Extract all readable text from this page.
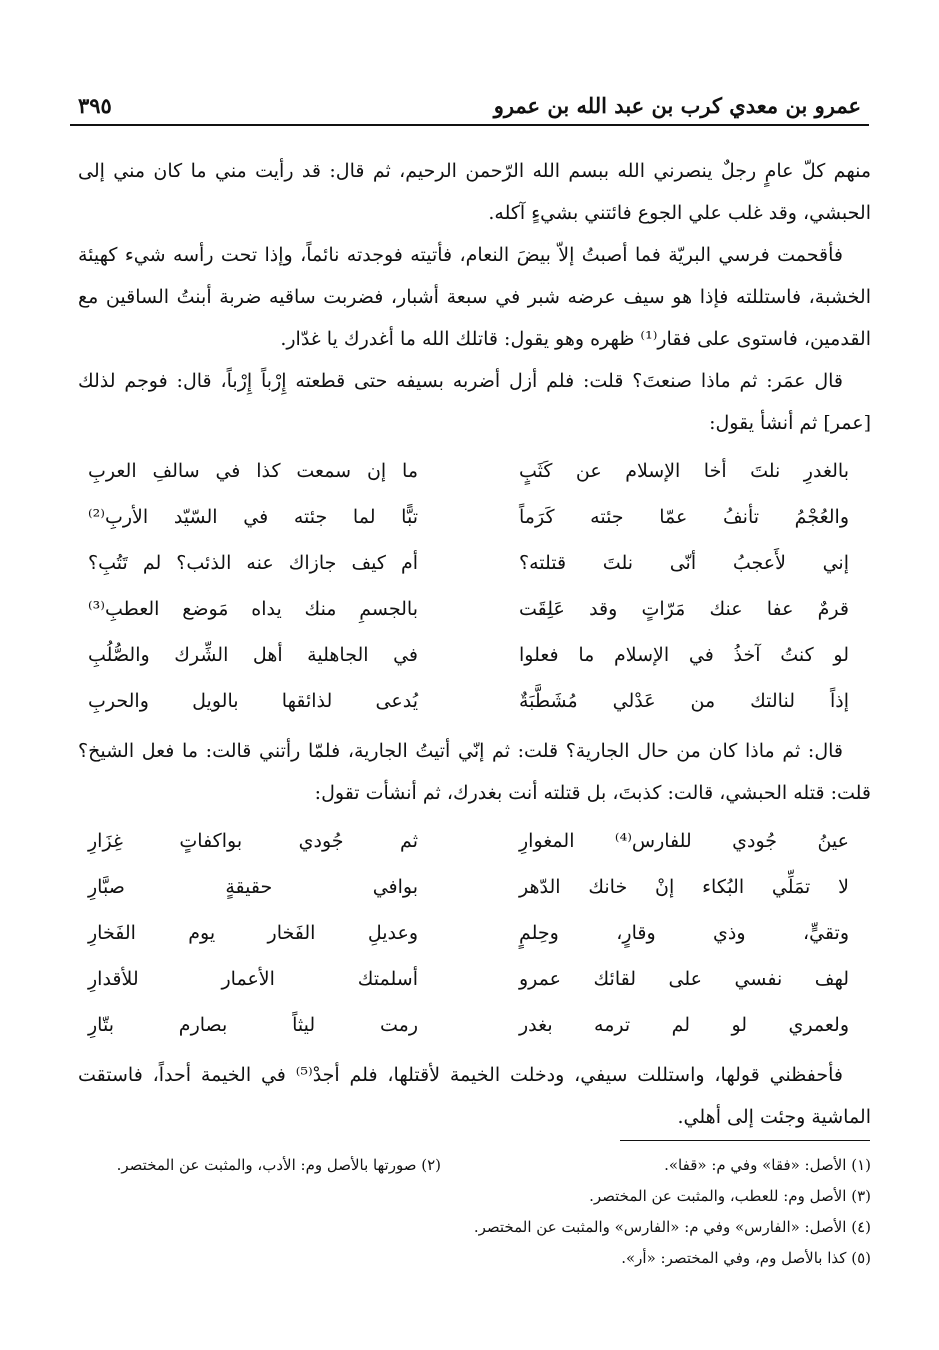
عمرو بن معدي كرب بن عبد الله بن عمرو
٣٩٥

منهم كلّ عامٍ رجلٌ ينصرني الله ببسم الله الرّحمن الرحيم، ثم قال: قد رأيت مني ما كان مني إلى الحبشي، وقد غلب علي الجوع فائتني بشيءٍ آكله.

فأقحمت فرسي البريّة فما أصبتُ إلاّ بيضَ النعام، فأتيته فوجدته نائماً، وإذا تحت رأسه شيء كهيئة الخشبة، فاستللته فإذا هو سيف عرضه شبر في سبعة أشبار، فضربت ساقيه ضربة أبنتُ الساقين مع القدمين، فاستوى على فقار⁽¹⁾ ظهره وهو يقول: قاتلك الله ما أغدرك يا غدّار.

قال عمَر: ثم ماذا صنعتَ؟ قلت: فلم أزل أضربه بسيفه حتى قطعته إِرْباً إِرْباً، قال: فوجم لذلك [عمر] ثم أنشأ يقول:

بالغدرِ نلتَ أخا الإسلام عن كَثَبٍ
ما إن سمعت كذا في سالفِ العربِ
والعُجْمُ تأنفُ عمّا جئته كَرَماً
تبًّا لما جئته في السّيّد الأربِ⁽²⁾
إني لأَعجبُ أنّى نلتَ قتلته؟
أم كيف جازاك عنه الذئب؟ لم تَتُبِ؟
قرمٌ عفا عنك مَرّاتٍ وقد عَلِقَت
بالجسمِ منك يداه مَوضع العطبِ⁽³⁾
لو كنتُ آخذُ في الإسلام ما فعلوا
في الجاهلية أهل الشِّرك والصُّلُبِ
إذاً لنالتك من عَدْلي مُشَطَّبَةٌ
يُدعى لذائقها بالويل والحربِ

قال: ثم ماذا كان من حال الجارية؟ قلت: ثم إنّي أتيتُ الجارية، فلمّا رأتني قالت: ما فعل الشيخ؟ قلت: قتله الحبشي، قالت: كذبتَ، بل قتلته أنت بغدرك، ثم أنشأت تقول:

عينُ جُودي للفارس⁽⁴⁾ المغوارِ
ثم جُودي بواكفاتٍ غِزَارِ
لا تمَلِّي البُكاء إنْ خانك الدّهر
بوافي حقيقةٍ صبَّارِ
وتقيٍّ، وذي وقارٍ، وحِلمٍ
وعديلِ الفَخار يوم الفَخارِ
لهف نفسي على لقائك عمرو
أسلمتك الأعمار للأقدارِ
ولعمري لو لم ترمه بغدر
رمت ليثاً بصارم بتّارِ

فأحفظني قولها، واستللت سيفي، ودخلت الخيمة لأقتلها، فلم أجدْ⁽⁵⁾ في الخيمة أحداً، فاستقت الماشية وجئت إلى أهلي.

(١) الأصل: «فقا» وفي م: «قفا».
(٢) صورتها بالأصل وم: الأدب، والمثبت عن المختصر.
(٣) الأصل وم: للعطب، والمثبت عن المختصر.
(٤) الأصل: «الفارس» وفي م: «الفارس» والمثبت عن المختصر.
(٥) كذا بالأصل وم، وفي المختصر: «أر».
